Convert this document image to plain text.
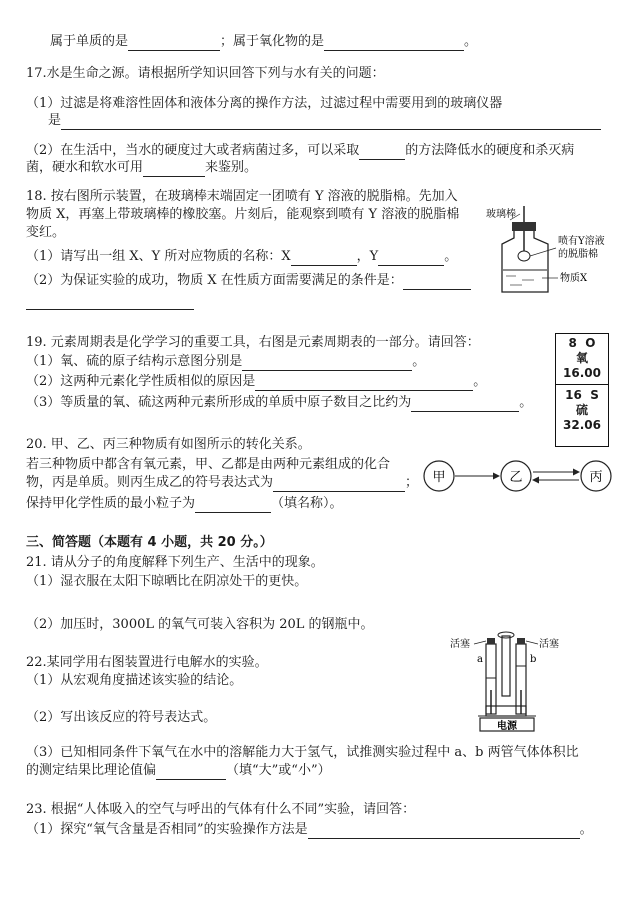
属于单质的是	；属于氧化物的是	。
17.水是生命之源。请根据所学知识回答下列与水有关的问题：
（1）过滤是将难溶性固体和液体分离的操作方法，过滤过程中需要用到的玻璃仪器
是
（2）在生活中，当水的硬度过大或者病菌过多，可以采取	的方法降低水的硬度和杀灭病
菌，硬水和软水可用	来鉴别。
18. 按右图所示装置，在玻璃棒末端固定一团喷有 Y 溶液的脱脂棉。先加入
物质 X，再塞上带玻璃棒的橡胶塞。片刻后，能观察到喷有 Y 溶液的脱脂棉
变红。
（1）请写出一组 X、Y 所对应物质的名称：X	，Y	。
（2）为保证实验的成功，物质 X 在性质方面需要满足的条件是：
玻璃棒
喷有Y溶液
的脱脂棉
物质X
19. 元素周期表是化学学习的重要工具，右图是元素周期表的一部分。请回答：
（1）氧、硫的原子结构示意图分别是	。
（2）这两种元素化学性质相似的原因是	。
（3）等质量的氧、硫这两种元素所形成的单质中原子数目之比约为	。
8 O
氧
16.00
16 S
硫
32.06
20. 甲、乙、丙三种物质有如图所示的转化关系。
若三种物质中都含有氧元素，甲、乙都是由两种元素组成的化合
物，丙是单质。则丙生成乙的符号表达式为	；
保持甲化学性质的最小粒子为	（填名称）。
甲	乙	丙
三、简答题（本题有 4 小题，共 20 分。）
21. 请从分子的角度解释下列生产、生活中的现象。
（1）湿衣服在太阳下晾晒比在阴凉处干的更快。
（2）加压时，3000L 的氧气可装入容积为 20L 的钢瓶中。
22.某同学用右图装置进行电解水的实验。
（1）从宏观角度描述该实验的结论。
（2）写出该反应的符号表达式。
（3）已知相同条件下氧气在水中的溶解能力大于氢气，试推测实验过程中 a、b 两管气体体积比
的测定结果比理论值偏	（填“大”或“小”）
活塞	活塞
a	b
电源
23. 根据“人体吸入的空气与呼出的气体有什么不同”实验，请回答：
（1）探究“氧气含量是否相同”的实验操作方法是	。
